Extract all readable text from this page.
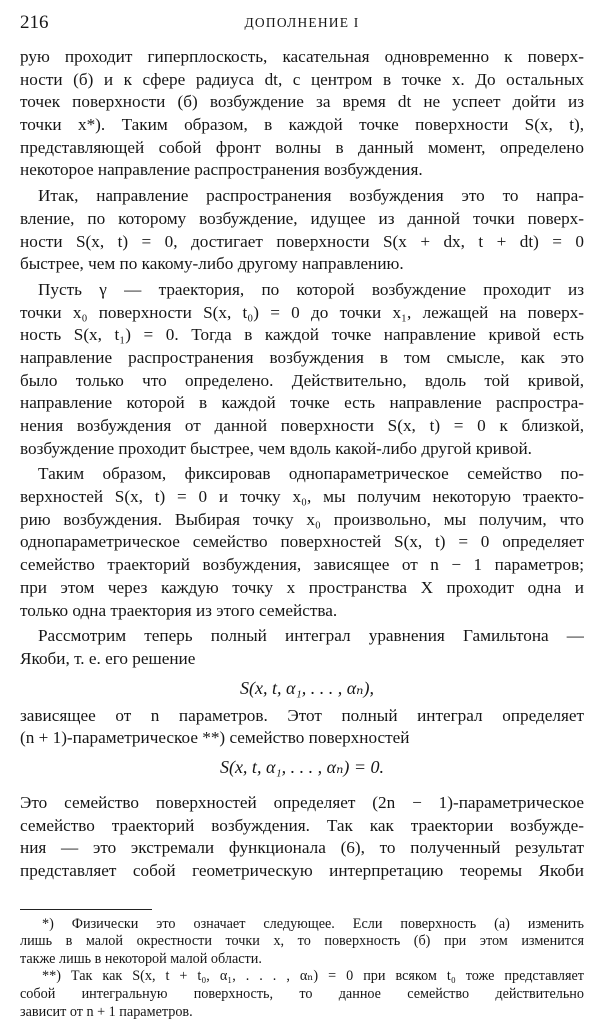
216	ДОПОЛНЕНИЕ I
рую проходит гиперплоскость, касательная одновременно к поверх-
ности (б) и к сфере радиуса dt, с центром в точке x. До остальных
точек поверхности (б) возбуждение за время dt не успеет дойти из
точки x*). Таким образом, в каждой точке поверхности S(x, t),
представляющей собой фронт волны в данный момент, определено
некоторое направление распространения возбуждения.
Итак, направление распространения возбуждения это то напра-
вление, по которому возбуждение, идущее из данной точки поверх-
ности S(x, t) = 0, достигает поверхности S(x + dx, t + dt) = 0
быстрее, чем по какому-либо другому направлению.
Пусть γ — траектория, по которой возбуждение проходит из
точки x₀ поверхности S(x, t₀) = 0 до точки x₁, лежащей на поверх-
ность S(x, t₁) = 0. Тогда в каждой точке направление кривой есть
направление распространения возбуждения в том смысле, как это
было только что определено. Действительно, вдоль той кривой,
направление которой в каждой точке есть направление распростра-
нения возбуждения от данной поверхности S(x, t) = 0 к близкой,
возбуждение проходит быстрее, чем вдоль какой-либо другой кривой.
Таким образом, фиксировав однопараметрическое семейство по-
верхностей S(x, t) = 0 и точку x₀, мы получим некоторую траекто-
рию возбуждения. Выбирая точку x₀ произвольно, мы получим, что
однопараметрическое семейство поверхностей S(x, t) = 0 определяет
семейство траекторий возбуждения, зависящее от n − 1 параметров;
при этом через каждую точку x пространства X проходит одна и
только одна траектория из этого семейства.
Рассмотрим теперь полный интеграл уравнения Гамильтона —
Якоби, т. е. его решение
S(x, t, α₁, . . . , αₙ),
зависящее от n параметров. Этот полный интеграл определяет
(n + 1)-параметрическое **) семейство поверхностей
S(x, t, α₁, . . . , αₙ) = 0.
Это семейство поверхностей определяет (2n − 1)-параметрическое
семейство траекторий возбуждения. Так как траектории возбужде-
ния — это экстремали функционала (6), то полученный результат
представляет собой геометрическую интерпретацию теоремы Якоби
*) Физически это означает следующее. Если поверхность (а) изменить
лишь в малой окрестности точки x, то поверхность (б) при этом изменится
также лишь в некоторой малой области.
**) Так как S(x, t + t₀, α₁, . . . , αₙ) = 0 при всяком t₀ тоже представляет
собой интегральную поверхность, то данное семейство действительно
зависит от n + 1 параметров.
